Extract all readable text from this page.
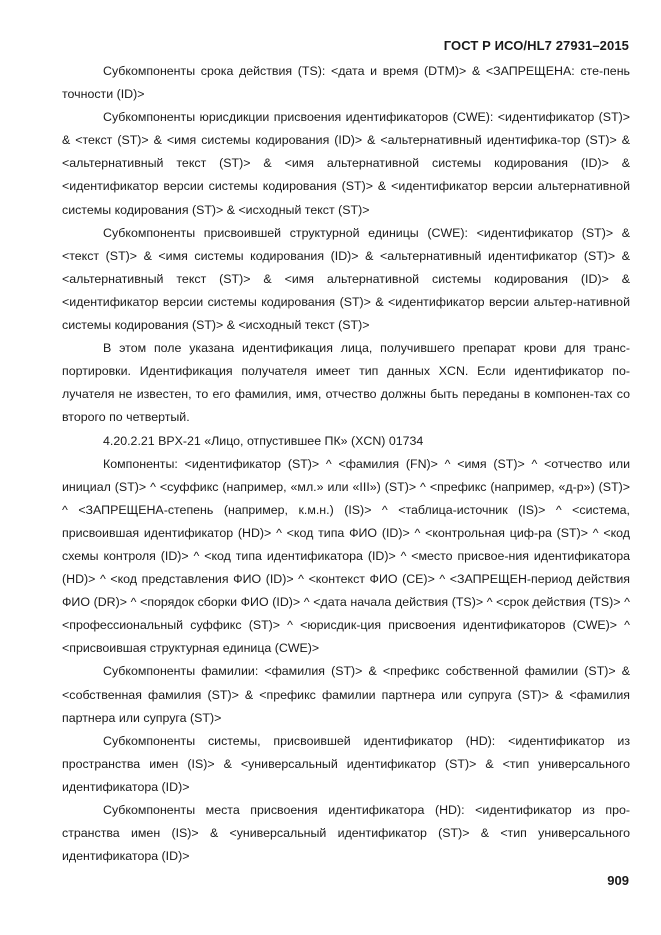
ГОСТ Р ИСО/HL7 27931–2015

Субкомпоненты срока действия (TS): <дата и время (DTM)> & <ЗАПРЕЩЕНА: сте-пень точности (ID)>

Субкомпоненты юрисдикции присвоения идентификаторов (CWE): <идентификатор (ST)> & <текст (ST)> & <имя системы кодирования (ID)> & <альтернативный идентифика-тор (ST)> & <альтернативный текст (ST)> & <имя альтернативной системы кодирования (ID)> & <идентификатор версии системы кодирования (ST)> & <идентификатор версии альтернативной системы кодирования (ST)> & <исходный текст (ST)>

Субкомпоненты присвоившей структурной единицы (CWE): <идентификатор (ST)> & <текст (ST)> & <имя системы кодирования (ID)> & <альтернативный идентификатор (ST)> & <альтернативный текст (ST)> & <имя альтернативной системы кодирования (ID)> & <идентификатор версии системы кодирования (ST)> & <идентификатор версии альтер-нативной системы кодирования (ST)> & <исходный текст (ST)>

В этом поле указана идентификация лица, получившего препарат крови для транс-портировки. Идентификация получателя имеет тип данных XCN. Если идентификатор по-лучателя не известен, то его фамилия, имя, отчество должны быть переданы в компонен-тах со второго по четвертый.

4.20.2.21 BPX-21 «Лицо, отпустившее ПК» (XCN) 01734

Компоненты: <идентификатор (ST)> ^ <фамилия (FN)> ^ <имя (ST)> ^ <отчество или инициал (ST)> ^ <суффикс (например, «мл.» или «III») (ST)> ^ <префикс (например, «д-р») (ST)> ^ <ЗАПРЕЩЕНА-степень (например, к.м.н.) (IS)> ^ <таблица-источник (IS)> ^ <система, присвоившая идентификатор (HD)> ^ <код типа ФИО (ID)> ^ <контрольная циф-ра (ST)> ^ <код схемы контроля (ID)> ^ <код типа идентификатора (ID)> ^ <место присвое-ния идентификатора (HD)> ^ <код представления ФИО (ID)> ^ <контекст ФИО (CE)> ^ <ЗАПРЕЩЕН-период действия ФИО (DR)> ^ <порядок сборки ФИО (ID)> ^ <дата начала действия (TS)> ^ <срок действия (TS)> ^ <профессиональный суффикс (ST)> ^ <юрисдик-ция присвоения идентификаторов (CWE)> ^ <присвоившая структурная единица (CWE)>

Субкомпоненты фамилии: <фамилия (ST)> & <префикс собственной фамилии (ST)> & <собственная фамилия (ST)> & <префикс фамилии партнера или супруга (ST)> & <фамилия партнера или супруга (ST)>

Субкомпоненты системы, присвоившей идентификатор (HD): <идентификатор из пространства имен (IS)> & <универсальный идентификатор (ST)> & <тип универсального идентификатора (ID)>

Субкомпоненты места присвоения идентификатора (HD): <идентификатор из про-странства имен (IS)> & <универсальный идентификатор (ST)> & <тип универсального идентификатора (ID)>

909
